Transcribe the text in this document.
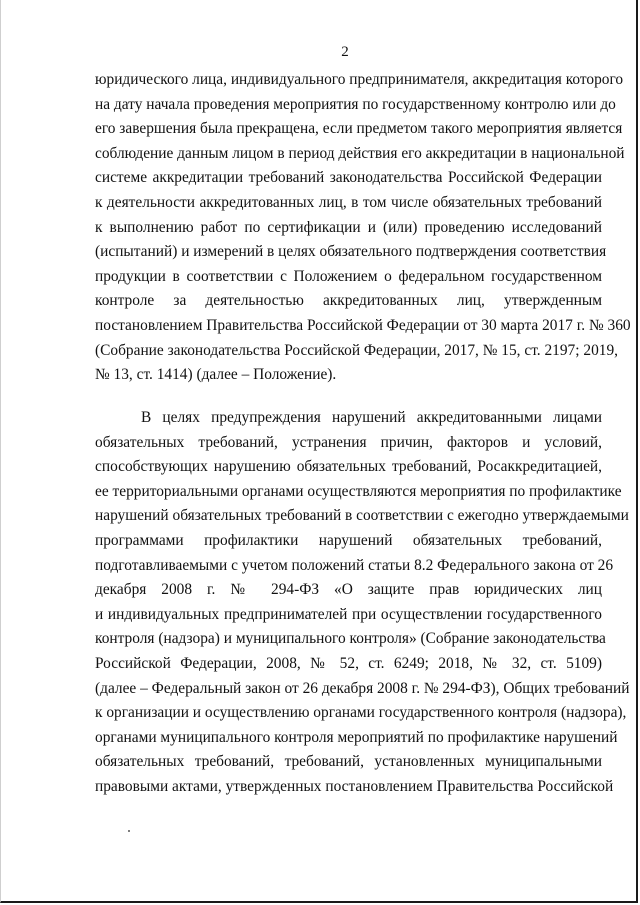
2
юридического лица, индивидуального предпринимателя, аккредитация которого
на дату начала проведения мероприятия по государственному контролю или до
его завершения была прекращена, если предметом такого мероприятия является
соблюдение данным лицом в период действия его аккредитации в национальной
системе аккредитации требований законодательства Российской Федерации
к деятельности аккредитованных лиц, в том числе обязательных требований
к выполнению работ по сертификации и (или) проведению исследований
(испытаний) и измерений в целях обязательного подтверждения соответствия
продукции в соответствии с Положением о федеральном государственном
контроле за деятельностью аккредитованных лиц, утвержденным
постановлением Правительства Российской Федерации от 30 марта 2017 г. № 360
(Собрание законодательства Российской Федерации, 2017, № 15, ст. 2197; 2019,
№ 13, ст. 1414) (далее – Положение).
В целях предупреждения нарушений аккредитованными лицами
обязательных требований, устранения причин, факторов и условий,
способствующих нарушению обязательных требований, Росаккредитацией,
ее территориальными органами осуществляются мероприятия по профилактике
нарушений обязательных требований в соответствии с ежегодно утверждаемыми
программами профилактики нарушений обязательных требований,
подготавливаемыми с учетом положений статьи 8.2 Федерального закона от 26
декабря 2008 г. № 294-ФЗ «О защите прав юридических лиц
и индивидуальных предпринимателей при осуществлении государственного
контроля (надзора) и муниципального контроля» (Собрание законодательства
Российской Федерации, 2008, № 52, ст. 6249; 2018, № 32, ст. 5109)
(далее – Федеральный закон от 26 декабря 2008 г. № 294-ФЗ), Общих требований
к организации и осуществлению органами государственного контроля (надзора),
органами муниципального контроля мероприятий по профилактике нарушений
обязательных требований, требований, установленных муниципальными
правовыми актами, утвержденных постановлением Правительства Российской
